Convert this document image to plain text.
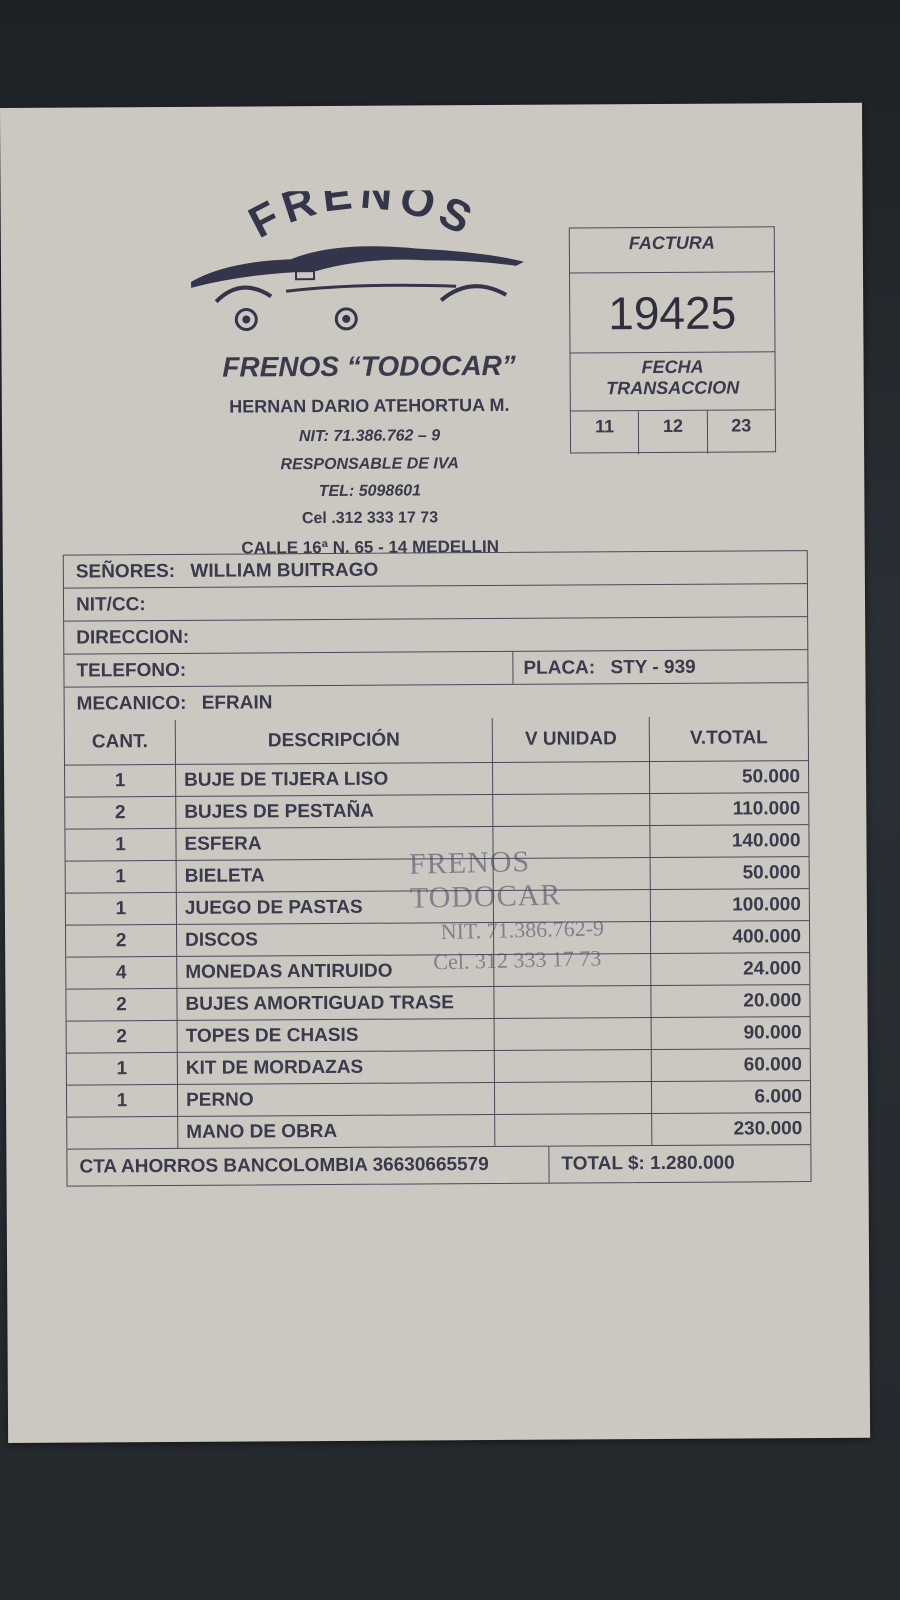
FRENOS
FRENOS “TODOCAR”
HERNAN DARIO ATEHORTUA M.
NIT: 71.386.762 – 9
RESPONSABLE DE IVA
TEL: 5098601
Cel .312 333 17 73
CALLE 16ª N. 65 - 14 MEDELLIN
FACTURA
19425
FECHA
TRANSACCION
11	12	23
SEÑORES: WILLIAM BUITRAGO
NIT/CC:
DIRECCION:
TELEFONO:	PLACA: STY - 939
MECANICO: EFRAIN
CANT.	DESCRIPCIÓN	V UNIDAD	V.TOTAL
1	BUJE DE TIJERA LISO		50.000
2	BUJES DE PESTAÑA		110.000
1	ESFERA		140.000
1	BIELETA		50.000
1	JUEGO DE PASTAS		100.000
2	DISCOS		400.000
4	MONEDAS ANTIRUIDO		24.000
2	BUJES AMORTIGUAD TRASE		20.000
2	TOPES DE CHASIS		90.000
1	KIT DE MORDAZAS		60.000
1	PERNO		6.000
	MANO DE OBRA		230.000
CTA AHORROS BANCOLOMBIA 36630665579	TOTAL $: 1.280.000
FRENOS TODOCAR
NIT. 71.386.762-9
Cel. 312 333 17 73
